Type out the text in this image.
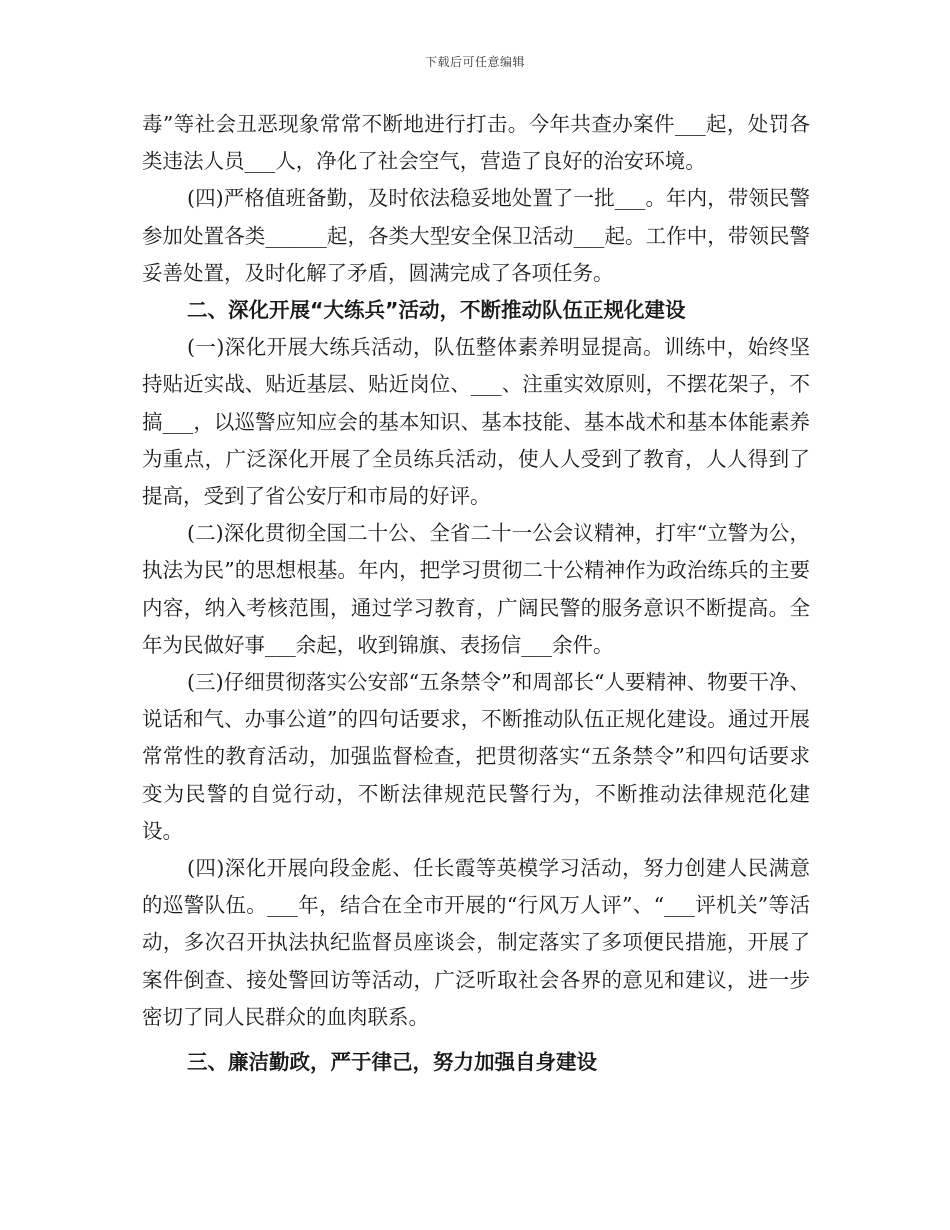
下载后可任意编辑

毒”等社会丑恶现象常常不断地进行打击。今年共查办案件___起，处罚各类违法人员___人，净化了社会空气，营造了良好的治安环境。

(四)严格值班备勤，及时依法稳妥地处置了一批___。年内，带领民警参加处置各类______起，各类大型安全保卫活动___起。工作中，带领民警妥善处置，及时化解了矛盾，圆满完成了各项任务。

二、深化开展“大练兵”活动，不断推动队伍正规化建设

(一)深化开展大练兵活动，队伍整体素养明显提高。训练中，始终坚持贴近实战、贴近基层、贴近岗位、___、注重实效原则，不摆花架子，不搞___，以巡警应知应会的基本知识、基本技能、基本战术和基本体能素养为重点，广泛深化开展了全员练兵活动，使人人受到了教育，人人得到了提高，受到了省公安厅和市局的好评。

(二)深化贯彻全国二十公、全省二十一公会议精神，打牢“立警为公，执法为民”的思想根基。年内，把学习贯彻二十公精神作为政治练兵的主要内容，纳入考核范围，通过学习教育，广阔民警的服务意识不断提高。全年为民做好事___余起，收到锦旗、表扬信___余件。

(三)仔细贯彻落实公安部“五条禁令”和周部长“人要精神、物要干净、说话和气、办事公道”的四句话要求，不断推动队伍正规化建设。通过开展常常性的教育活动，加强监督检查，把贯彻落实“五条禁令”和四句话要求变为民警的自觉行动，不断法律规范民警行为，不断推动法律规范化建设。

(四)深化开展向段金彪、任长霞等英模学习活动，努力创建人民满意的巡警队伍。___年，结合在全市开展的“行风万人评”、“___评机关”等活动，多次召开执法执纪监督员座谈会，制定落实了多项便民措施，开展了案件倒查、接处警回访等活动，广泛听取社会各界的意见和建议，进一步密切了同人民群众的血肉联系。

三、廉洁勤政，严于律己，努力加强自身建设
